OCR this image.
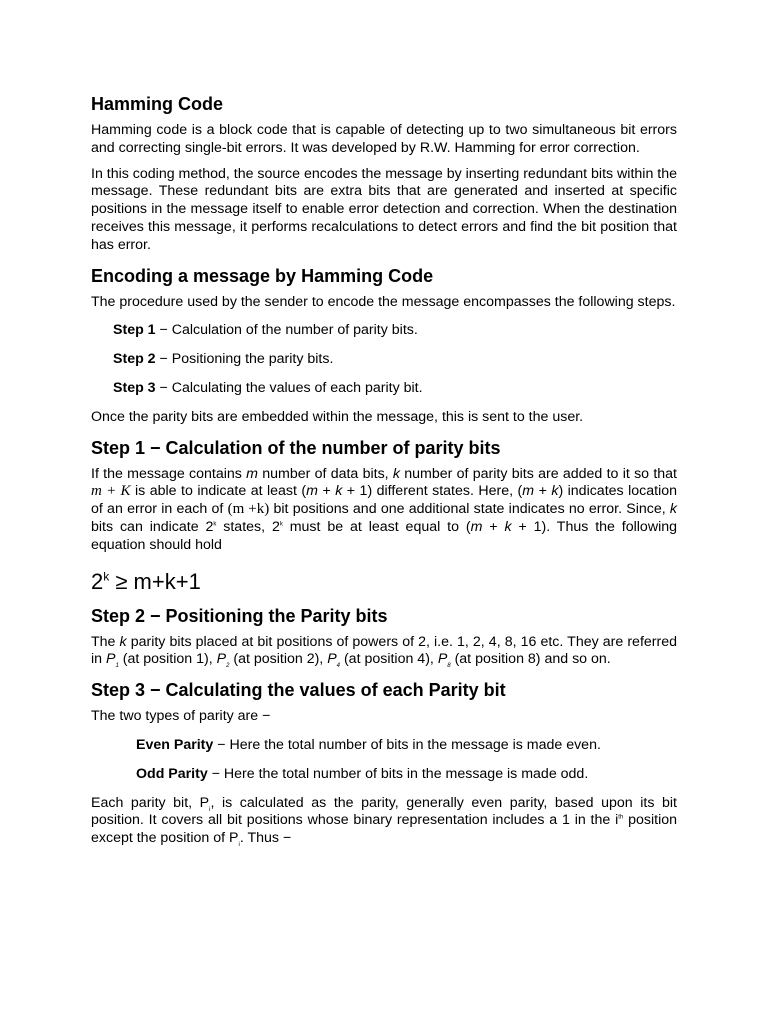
Hamming Code

Hamming code is a block code that is capable of detecting up to two simultaneous bit errors and correcting single-bit errors. It was developed by R.W. Hamming for error correction.

In this coding method, the source encodes the message by inserting redundant bits within the message. These redundant bits are extra bits that are generated and inserted at specific positions in the message itself to enable error detection and correction. When the destination receives this message, it performs recalculations to detect errors and find the bit position that has error.

Encoding a message by Hamming Code

The procedure used by the sender to encode the message encompasses the following steps.

Step 1 − Calculation of the number of parity bits.

Step 2 − Positioning the parity bits.

Step 3 − Calculating the values of each parity bit.

Once the parity bits are embedded within the message, this is sent to the user.

Step 1 − Calculation of the number of parity bits

If the message contains m number of data bits, k number of parity bits are added to it so that m + K is able to indicate at least (m + k + 1) different states. Here, (m + k) indicates location of an error in each of (m +k) bit positions and one additional state indicates no error. Since, k bits can indicate 2$^k$ states, 2$^k$ must be at least equal to (m + k + 1). Thus the following equation should hold

$2^k \ge m+k+1$
Step 2 − Positioning the Parity bits

The k parity bits placed at bit positions of powers of 2, i.e. 1, 2, 4, 8, 16 etc. They are referred in $P_1$ (at position 1), $P_2$ (at position 2), $P_4$ (at position 4), $P_8$ (at position 8) and so on.

Step 3 − Calculating the values of each Parity bit

The two types of parity are −

Even Parity − Here the total number of bits in the message is made even.

Odd Parity − Here the total number of bits in the message is made odd.

Each parity bit, $P_i$, is calculated as the parity, generally even parity, based upon its bit position. It covers all bit positions whose binary representation includes a 1 in the $i^{th}$ position except the position of $P_i$. Thus −
